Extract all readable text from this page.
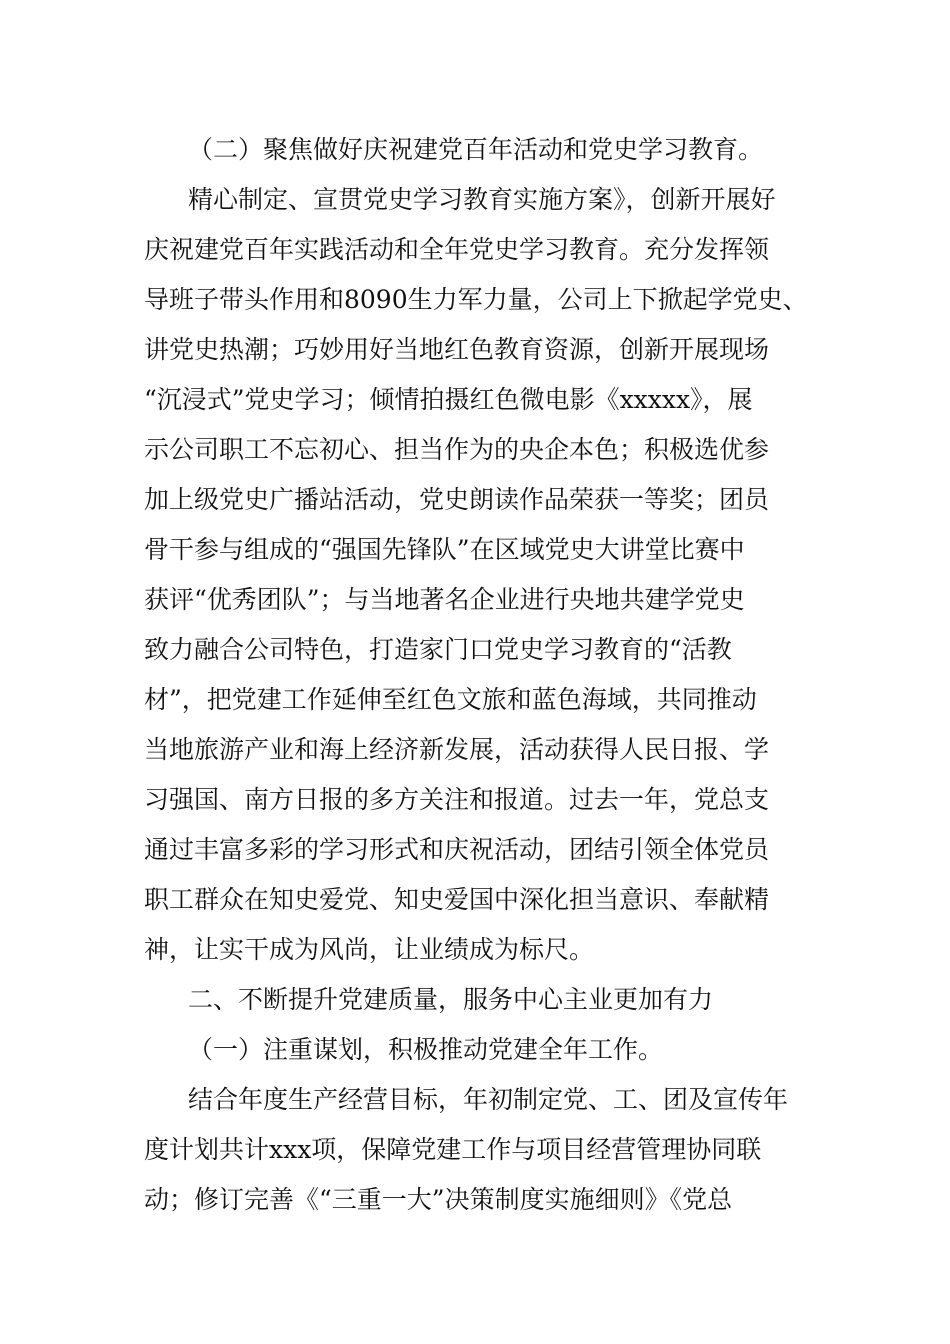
（二）聚焦做好庆祝建党百年活动和党史学习教育。
精心制定、宣贯党史学习教育实施方案》，创新开展好
庆祝建党百年实践活动和全年党史学习教育。充分发挥领
导班子带头作用和8090生力军力量，公司上下掀起学党史、
讲党史热潮；巧妙用好当地红色教育资源，创新开展现场
“沉浸式”党史学习；倾情拍摄红色微电影《xxxxx》，展
示公司职工不忘初心、担当作为的央企本色；积极选优参
加上级党史广播站活动，党史朗读作品荣获一等奖；团员
骨干参与组成的“强国先锋队”在区域党史大讲堂比赛中
获评“优秀团队”；与当地著名企业进行央地共建学党史
致力融合公司特色，打造家门口党史学习教育的“活教
材”，把党建工作延伸至红色文旅和蓝色海域，共同推动
当地旅游产业和海上经济新发展，活动获得人民日报、学
习强国、南方日报的多方关注和报道。过去一年，党总支
通过丰富多彩的学习形式和庆祝活动，团结引领全体党员
职工群众在知史爱党、知史爱国中深化担当意识、奉献精
神，让实干成为风尚，让业绩成为标尺。
二、不断提升党建质量，服务中心主业更加有力
（一）注重谋划，积极推动党建全年工作。
结合年度生产经营目标，年初制定党、工、团及宣传年
度计划共计xxx项，保障党建工作与项目经营管理协同联
动；修订完善《“三重一大”决策制度实施细则》《党总
